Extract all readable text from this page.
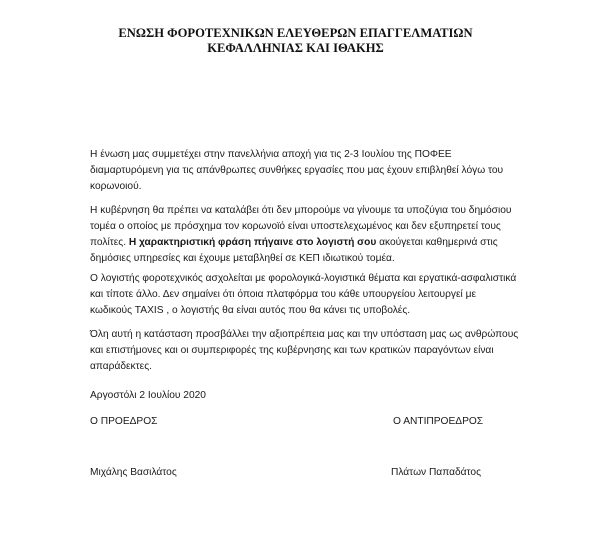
ΕΝΩΣΗ ΦΟΡΟΤΕΧΝΙΚΩΝ ΕΛΕΥΘΕΡΩΝ ΕΠΑΓΓΕΛΜΑΤΙΩΝ
ΚΕΦΑΛΛΗΝΙΑΣ ΚΑΙ ΙΘΑΚΗΣ

Η ένωση μας συμμετέχει στην πανελλήνια αποχή για τις 2-3 Ιουλίου της ΠΟΦΕΕ διαμαρτυρόμενη για τις απάνθρωπες συνθήκες εργασίες που μας έχουν επιβληθεί λόγω του κορωνοιού.

Η κυβέρνηση θα πρέπει να καταλάβει ότι δεν μπορούμε να γίνουμε τα υποζύγια του δημόσιου τομέα ο οποίος με πρόσχημα τον κορωνοϊό είναι υποστελεχωμένος και δεν εξυπηρετεί τους πολίτες. Η χαρακτηριστική φράση πήγαινε στο λογιστή σου ακούγεται καθημερινά στις δημόσιες υπηρεσίες και έχουμε μεταβληθεί σε ΚΕΠ ιδιωτικού τομέα.

Ο λογιστής φοροτεχνικός ασχολείται με φορολογικά-λογιστικά θέματα και εργατικά-ασφαλιστικά και τίποτε άλλο. Δεν σημαίνει ότι όποια πλατφόρμα του κάθε υπουργείου λειτουργεί με κωδικούς TAXIS , ο λογιστής θα είναι αυτός που θα κάνει τις υποβολές.

Όλη αυτή η κατάσταση προσβάλλει την αξιοπρέπεια μας και την υπόσταση μας ως ανθρώπους και επιστήμονες και οι συμπεριφορές της κυβέρνησης και των κρατικών παραγόντων είναι απαράδεκτες.

Αργοστόλι 2 Ιουλίου 2020
Ο ΠΡΟΕΔΡΟΣ	Ο ΑΝΤΙΠΡΟΕΔΡΟΣ
Μιχάλης Βασιλάτος	Πλάτων Παπαδάτος
